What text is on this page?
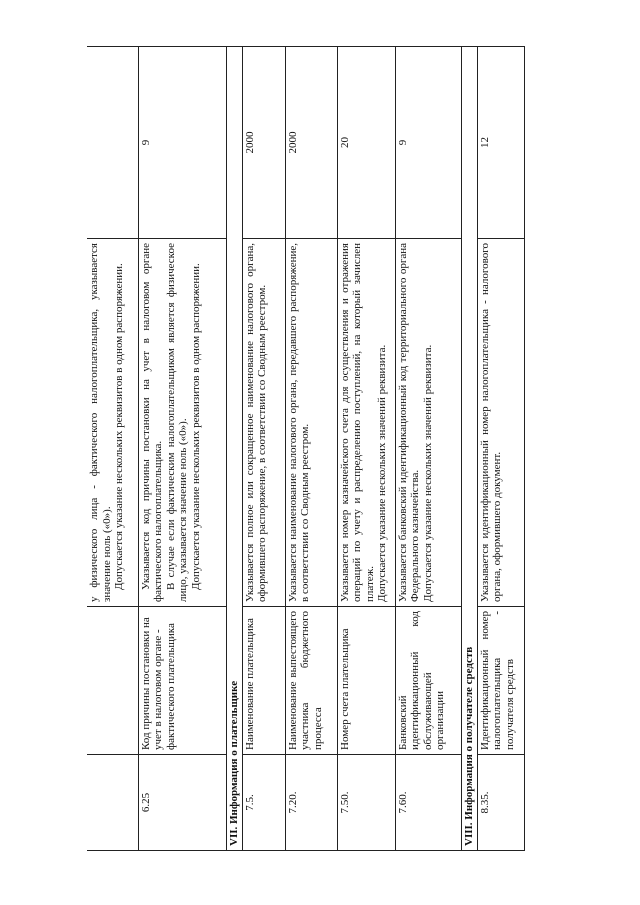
		у физического лица - фактического налогоплательщика, указывается значение ноль («0»). Допускается указание нескольких реквизитов в одном распоряжении.	

6.25	Код причины постановки на учет в налоговом органе - фактического плательщика	Указывается код причины постановки на учет в налоговом органе фактического налогоплательщика. В случае если фактическим налогоплательщиком является физическое лицо, указывается значение ноль («0»). Допускается указание нескольких реквизитов в одном распоряжении.	9
VII. Информация о плательщике			
7.5.	Наименование плательщика	Указывается полное или сокращенное наименование налогового органа, оформившего распоряжение, в соответствии со Сводным реестром.	2000
7.20.	Наименование выпестоящего участника бюджетного процесса	Указывается наименование налогового органа, передавшего распоряжение, в соответствии со Сводным реестром.	2000
7.50.	Номер счета плательщика	Указывается номер казначейского счета для осуществления и отражения операций по учету и распределению поступлений, на который зачислен платеж. Допускается указание нескольких значений реквизита.	20
7.60.	Банковский идентификационный код обслуживающей организации	Указывается банковский идентификационный код территориального органа Федерального казначейства. Допускается указание нескольких значений реквизита.	9
VIII. Информация о получателе средств			
8.35.	Идентификационный номер налогоплательщика - получателя средств	Указывается идентификационный номер налогоплательщика - налогового органа, оформившего документ.	12
